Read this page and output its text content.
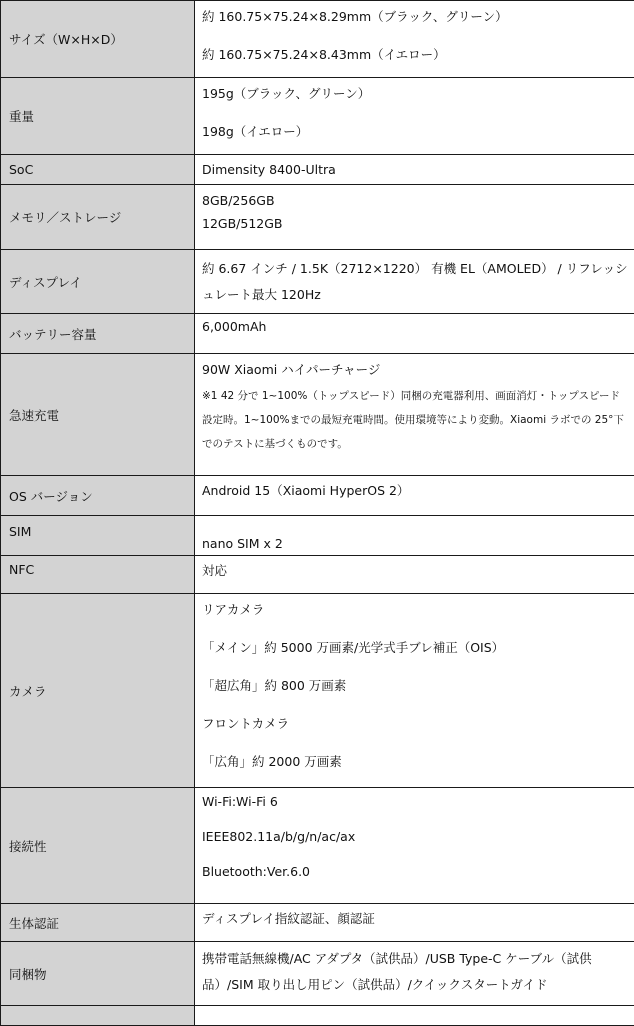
サイズ（W×H×D）	約 160.75×75.24×8.29mm（ブラック、グリーン）
約 160.75×75.24×8.43mm（イエロー）

重量	195g（ブラック、グリーン）
198g（イエロー）

SoC	Dimensity 8400-Ultra

メモリ／ストレージ	8GB/256GB
12GB/512GB

ディスプレイ	約 6.67 インチ / 1.5K（2712×1220） 有機 EL（AMOLED） / リフレッシュレート最大 120Hz

バッテリー容量	6,000mAh

急速充電	90W Xiaomi ハイパーチャージ
※1 42 分で 1~100%（トップスピード）同梱の充電器利用、画面消灯・トップスピード設定時。1~100%までの最短充電時間。使用環境等により変動。Xiaomi ラボでの 25°下でのテストに基づくものです。

OS バージョン	Android 15（Xiaomi HyperOS 2）

SIM	nano SIM x 2

NFC	対応

カメラ	リアカメラ
「メイン」約 5000 万画素/光学式手ブレ補正（OIS）
「超広角」約 800 万画素
フロントカメラ
「広角」約 2000 万画素

接続性	Wi-Fi:Wi-Fi 6
IEEE802.11a/b/g/n/ac/ax
Bluetooth:Ver.6.0

生体認証	ディスプレイ指紋認証、顔認証

同梱物	携帯電話無線機/AC アダプタ（試供品）/USB Type-C ケーブル（試供品）/SIM 取り出し用ピン（試供品）/クイックスタートガイド
